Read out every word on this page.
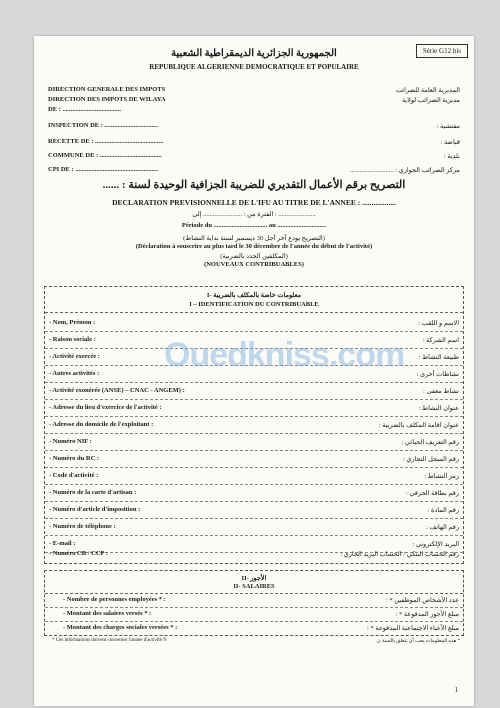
Série G12 bis
الجمهورية الجزائرية الديمقراطية الشعبية
REPUBLIQUE ALGERIENNE DEMOCRATIQUE ET POPULAIRE
DIRECTION GENERALE DES IMPOTS
DIRECTION DES IMPOTS DE WILAYA
DE : ....................................
INSPECTION DE : .................................
RECETTE DE : ..........................................
COMMUNE DE : ......................................
CPI DE : ...................................................
المديرية العامة للضرائب
مديرية الضرائب لولاية
مفتشية :
قباضة :
بلدية :
مركز الضرائب الجواري : ...........................
التصريح برقم الأعمال التقديري للضريبة الجزافية الوحيدة لسنة : ......
DECLARATION PREVISIONNELLE DE L'IFU AU TITRE DE L'ANNEE : ..................
الفترة من : ........................ إلى : .......................
Période du ................................. au ..............................
(التصريح يودع آخر أجل 30 ديسمبر لسنة بداية النشاط)
(Déclaration à souscrire au plus tard le 30 décembre de l'année du début de l'activité)
(المكلفين الجدد بالضريبة)
(NOUVEAUX CONTRIBUABLES)
I- معلومات خاصة بالمكلف بالضريبة
I – IDENTIFICATION DU CONTRIBUABLE
- Nom, Prénom :	الاسم و اللقب :
- Raison sociale :	اسم الشركة :
- Activité exercée :	طبيعة النشاط :
- Autres activités :	نشاطات أخرى :
- Activité exonérée (ANSE) – CNAC - ANGEM) :	نشاط معفى :
- Adresse du lieu d'exercice de l'activité :	عنوان النشاط :
- Adresse du domicile de l'exploitant :	عنوان اقامة المكلف بالضريبة :
- Numéro NIF :	رقم التعريف الجبائي :
- Numéro du RC :	رقم السجل التجاري :
- Code d'activité :	رمز النشاط :
- Numéro de la carte d'artisan :	رقم بطاقة الحرفي :
- Numéro d'article d'imposition :	رقم المادة :
- Numéro de téléphone :	رقم الهاتف :
- E-mail :	البريد الإلكتروني :
- Numéro CB / CCP :	رقم الحساب البنكي / الحساب البريد الجاري :
II- الأجور
II- SALAIRES
- Nombre de personnes employées * :	عدد الأشخاص الموظفين * :
- Montant des salaires versés * :	مبلغ الأجور المدفوعة * :
- Montant des charges sociales versées * :	مبلغ الأعباء الاجتماعية المدفوعة * :
* Ces informations doivent concerner l'année d'activité N	* هذه المعلومات يجب أن تتعلق بالسنة ن
Ouedkniss.com
1
